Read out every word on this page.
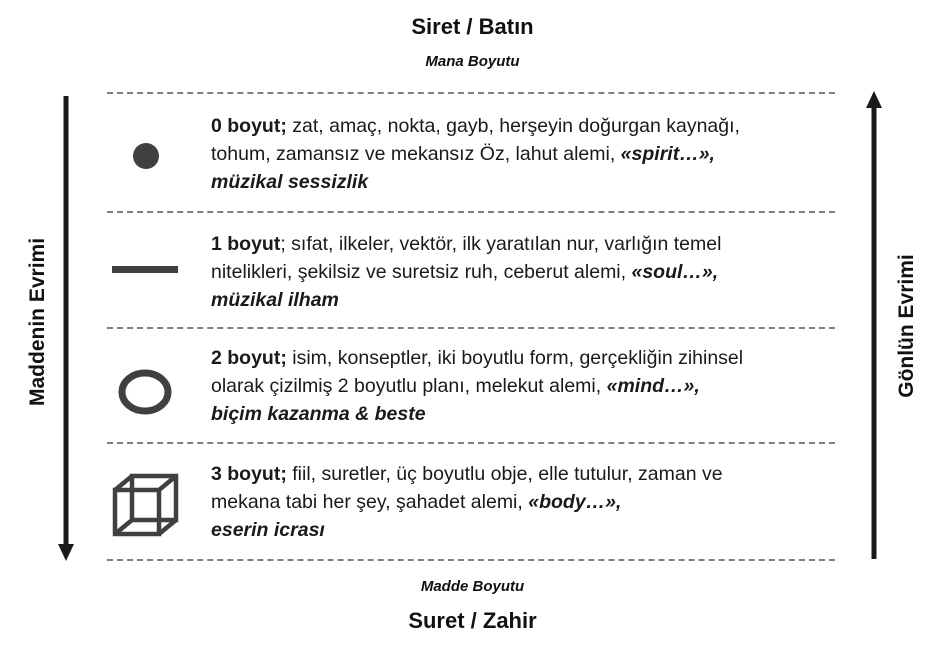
Siret / Batın
Mana Boyutu
Madde Boyutu
Suret / Zahir
Maddenin Evrimi	Gönlün Evrimi
0 boyut; zat, amaç, nokta, gayb, herşeyin doğurgan kaynağı,
tohum, zamansız ve mekansız Öz, lahut alemi, «spirit…»,
müzikal sessizlik
1 boyut; sıfat, ilkeler, vektör, ilk yaratılan nur, varlığın temel
nitelikleri, şekilsiz ve suretsiz ruh, ceberut alemi, «soul…»,
müzikal ilham
2 boyut; isim, konseptler, iki boyutlu form, gerçekliğin zihinsel
olarak çizilmiş 2 boyutlu planı, melekut alemi, «mind…»,
biçim kazanma & beste
3 boyut; fiil, suretler, üç boyutlu obje, elle tutulur, zaman ve
mekana tabi her şey, şahadet alemi, «body…»,
eserin icrası
